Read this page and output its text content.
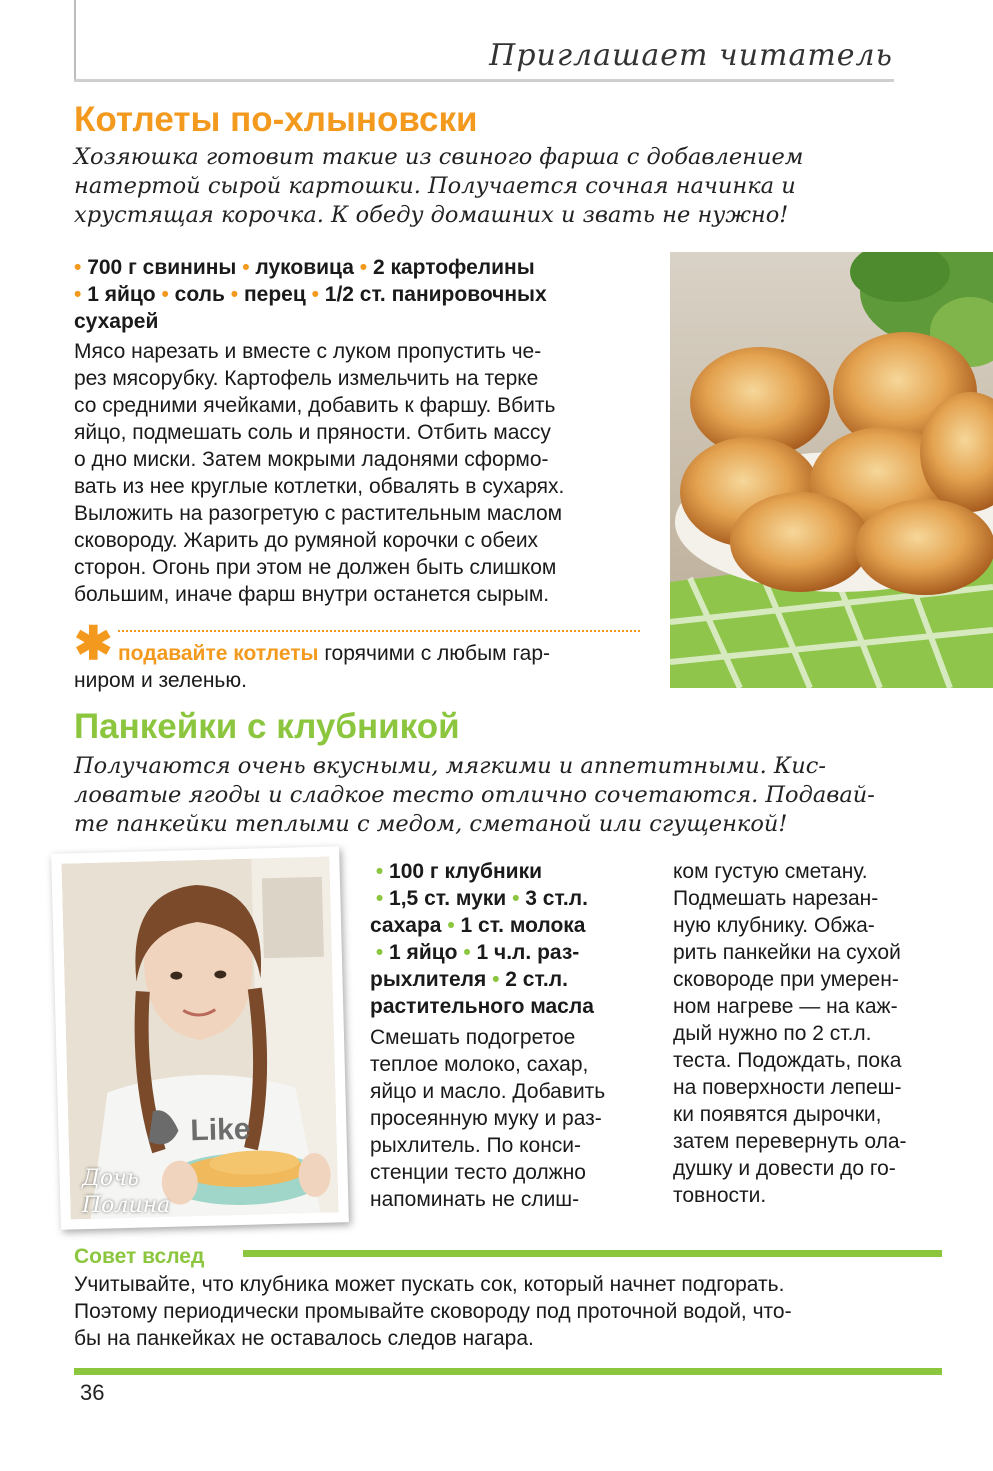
Приглашает читатель
Котлеты по-хлыновски
Хозяюшка готовит такие из свиного фарша с добавлением
натертой сырой картошки. Получается сочная начинка и
хрустящая корочка. К обеду домашних и звать не нужно!
• 700 г свинины • луковица • 2 картофелины
• 1 яйцо • соль • перец • 1/2 ст. панировочных
сухарей
Мясо нарезать и вместе с луком пропустить че-
рез мясорубку. Картофель измельчить на терке
со средними ячейками, добавить к фаршу. Вбить
яйцо, подмешать соль и пряности. Отбить массу
о дно миски. Затем мокрыми ладонями сформо-
вать из нее круглые котлетки, обвалять в сухарях.
Выложить на разогретую с растительным маслом
сковороду. Жарить до румяной корочки с обеих
сторон. Огонь при этом не должен быть слишком
большим, иначе фарш внутри останется сырым.
✱ подавайте котлеты горячими с любым гар-
ниром и зеленью.
Панкейки с клубникой
Получаются очень вкусными, мягкими и аппетитными. Кис-
ловатые ягоды и сладкое тесто отлично сочетаются. Подавай-
те панкейки теплыми с медом, сметаной или сгущенкой!
Like
Дочь
Полина
• 100 г клубники
• 1,5 ст. муки • 3 ст.л.
сахара • 1 ст. молока
• 1 яйцо • 1 ч.л. раз-
рыхлителя • 2 ст.л.
растительного масла
Смешать подогретое
теплое молоко, сахар,
яйцо и масло. Добавить
просеянную муку и раз-
рыхлитель. По конси-
стенции тесто должно
напоминать не слиш-
ком густую сметану.
Подмешать нарезан-
ную клубнику. Обжа-
рить панкейки на сухой
сковороде при умерен-
ном нагреве — на каж-
дый нужно по 2 ст.л.
теста. Подождать, пока
на поверхности лепеш-
ки появятся дырочки,
затем перевернуть ола-
душку и довести до го-
товности.
Совет вслед
Учитывайте, что клубника может пускать сок, который начнет подгорать.
Поэтому периодически промывайте сковороду под проточной водой, что-
бы на панкейках не оставалось следов нагара.
36
